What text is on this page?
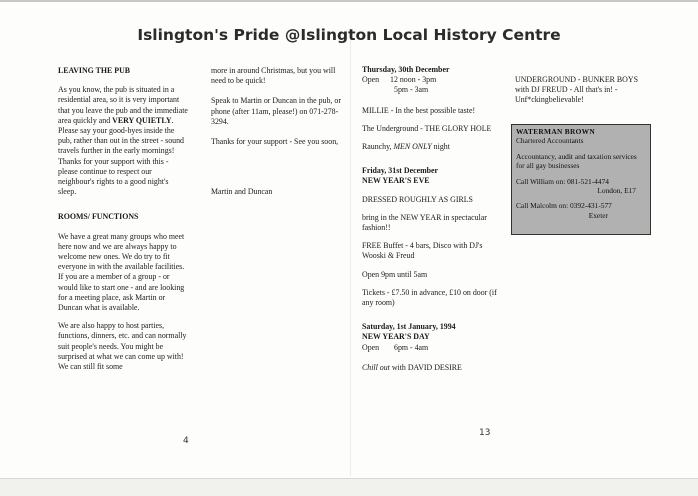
Islington's Pride @Islington Local History Centre
LEAVING THE PUB

As you know, the pub is situated in a residential area, so it is very important that you leave the pub and the immediate area quickly and VERY QUIETLY. Please say your good-byes inside the pub, rather than out in the street - sound travels further in the early mornings! Thanks for your support with this - please continue to respect our neighbour's rights to a good night's sleep.

ROOMS/ FUNCTIONS

We have a great many groups who meet here now and we are always happy to welcome new ones. We do try to fit everyone in with the available facilities. If you are a member of a group - or would like to start one - and are looking for a meeting place, ask Martin or Duncan what is available.

We are also happy to host parties, functions, dinners, etc. and can normally suit people's needs. You might be surprised at what we can come up with! We can still fit some

more in around Christmas, but you will need to be quick!

Speak to Martin or Duncan in the pub, or phone (after 11am, please!) on 071-278-3294.

Thanks for your support - See you soon,

Martin and Duncan

Thursday, 30th December
Open	12 noon - 3pm
5pm - 3am

MILLIE - In the best possible taste!

The Underground - THE GLORY HOLE

Raunchy, MEN ONLY night

Friday, 31st December
NEW YEAR'S EVE

DRESSED ROUGHLY AS GIRLS

bring in the NEW YEAR in spectacular fashion!!

FREE Buffet - 4 bars, Disco with DJ's Wooski & Freud

Open 9pm until 5am

Tickets - £7.50 in advance, £10 on door (if any room)

Saturday, 1st January, 1994
NEW YEAR'S DAY
Open	6pm - 4am

Chill out with DAVID DESIRE

UNDERGROUND - BUNKER BOYS with DJ FREUD - All that's in! - Unf*ckingbelievable!

WATERMAN BROWN

Chartered Accountants

Accountancy, audit and taxation services for all gay businesses

Call William on: 081-521-4474

London, E17

Call Malcolm on: 0392-431-577

Exeter

4
13
